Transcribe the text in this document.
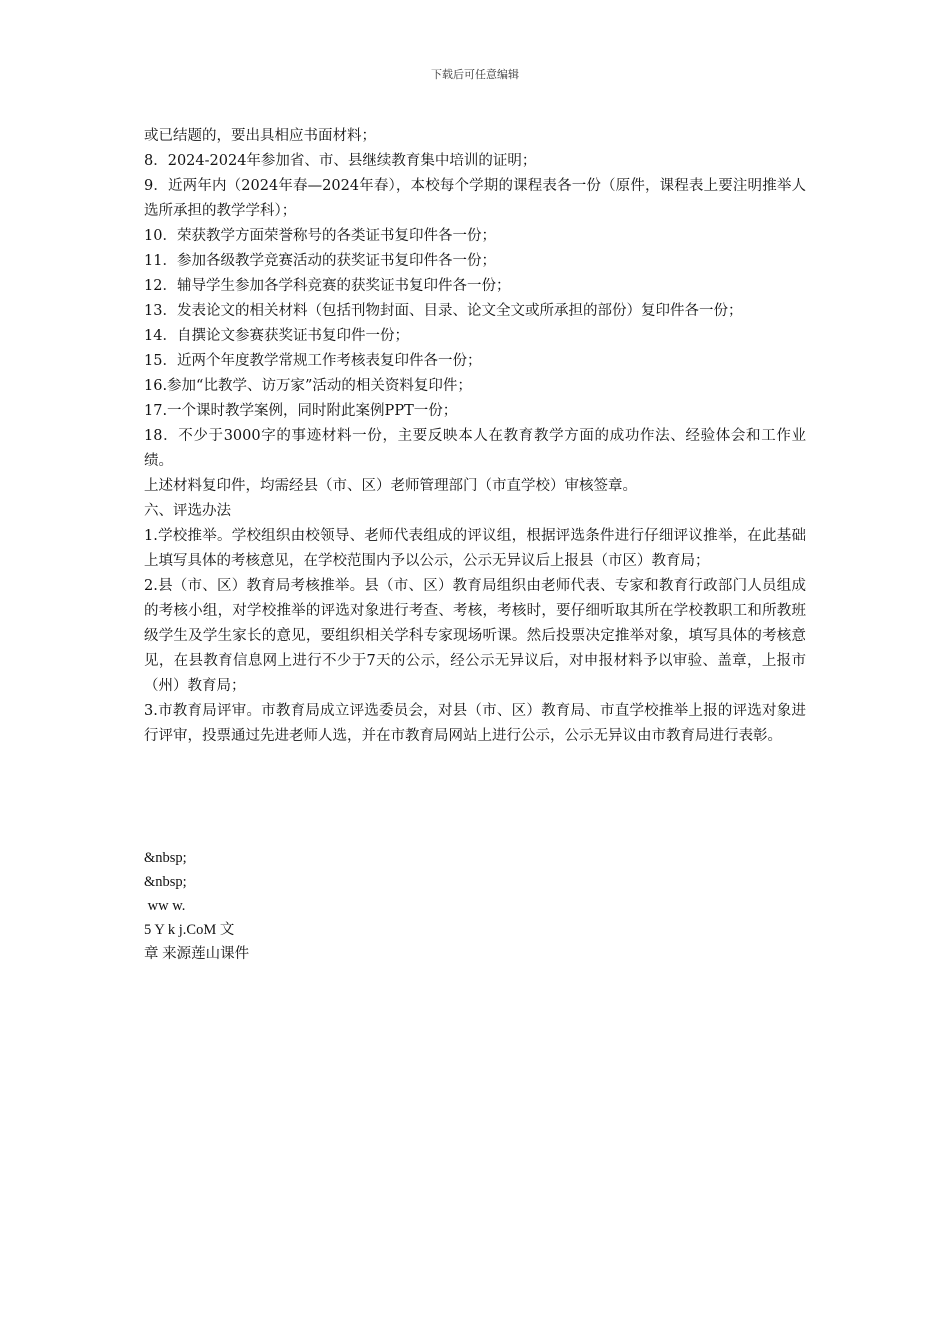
下载后可任意编辑

或已结题的，要出具相应书面材料；

8．2024-2024年参加省、市、县继续教育集中培训的证明；

9．近两年内（2024年春—2024年春），本校每个学期的课程表各一份（原件，课程表上要注明推举人选所承担的教学学科）；

10．荣获教学方面荣誉称号的各类证书复印件各一份；

11．参加各级教学竞赛活动的获奖证书复印件各一份；

12．辅导学生参加各学科竞赛的获奖证书复印件各一份；

13．发表论文的相关材料（包括刊物封面、目录、论文全文或所承担的部份）复印件各一份；

14．自撰论文参赛获奖证书复印件一份；

15．近两个年度教学常规工作考核表复印件各一份；

16.参加“比教学、访万家”活动的相关资料复印件；

17.一个课时教学案例，同时附此案例PPT一份；

18．不少于3000字的事迹材料一份，主要反映本人在教育教学方面的成功作法、经验体会和工作业绩。

上述材料复印件，均需经县（市、区）老师管理部门（市直学校）审核签章。

六、评选办法

1.学校推举。学校组织由校领导、老师代表组成的评议组，根据评选条件进行仔细评议推举，在此基础上填写具体的考核意见，在学校范围内予以公示，公示无异议后上报县（市区）教育局；

2.县（市、区）教育局考核推举。县（市、区）教育局组织由老师代表、专家和教育行政部门人员组成的考核小组，对学校推举的评选对象进行考查、考核，考核时，要仔细听取其所在学校教职工和所教班级学生及学生家长的意见，要组织相关学科专家现场听课。然后投票决定推举对象，填写具体的考核意见，在县教育信息网上进行不少于7天的公示，经公示无异议后，对申报材料予以审验、盖章，上报市（州）教育局；

3.市教育局评审。市教育局成立评选委员会，对县（市、区）教育局、市直学校推举上报的评选对象进行评审，投票通过先进老师人选，并在市教育局网站上进行公示，公示无异议由市教育局进行表彰。

&nbsp;

&nbsp;

ww w.

5 Y k j.CoM 文

章 来源莲山课件
